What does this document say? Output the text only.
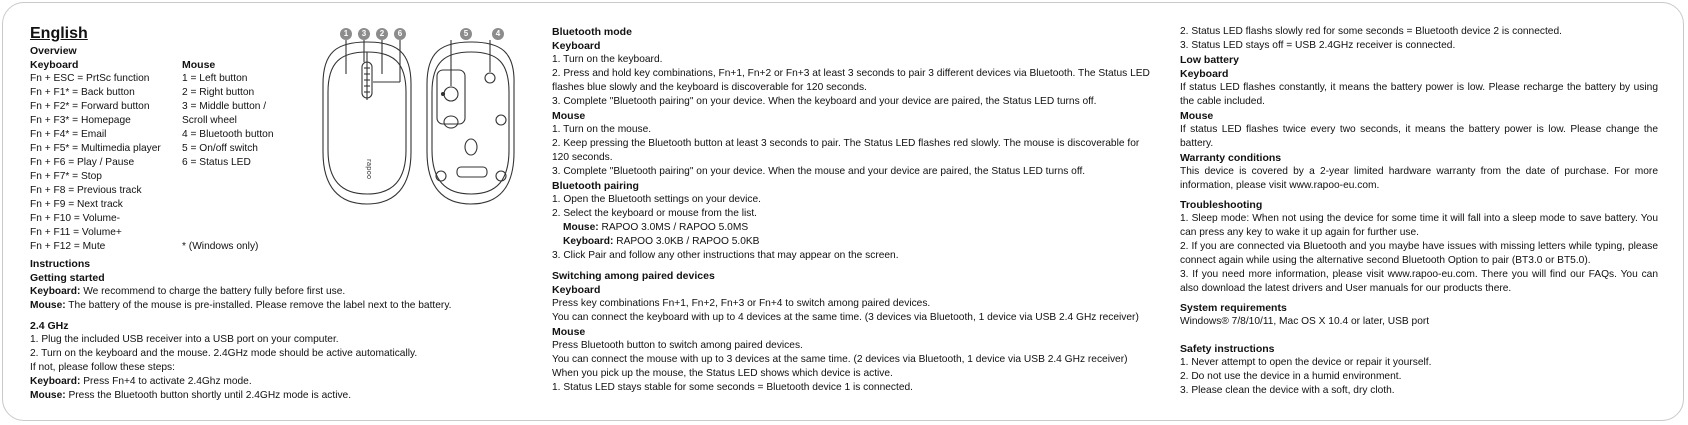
English

Overview

Keyboard

Fn + ESC = PrtSc function

Fn + F1* = Back button

Fn + F2* = Forward button

Fn + F3* = Homepage

Fn + F4* = Email

Fn + F5* = Multimedia player

Fn + F6 = Play / Pause

Fn + F7* = Stop

Fn + F8 = Previous track

Fn + F9 = Next track

Fn + F10 = Volume-

Fn + F11 = Volume+

Fn + F12 = Mute

Mouse

1 = Left button

2 = Right button

3 = Middle button /

Scroll wheel

4 = Bluetooth button

5 = On/off switch

6 = Status LED

* (Windows only)

rapoo
1	3	2	6	5	4

Instructions

Getting started

Keyboard: We recommend to charge the battery fully before first use.

Mouse: The battery of the mouse is pre-installed. Please remove the label next to the battery.

2.4 GHz

1. Plug the included USB receiver into a USB port on your computer.

2. Turn on the keyboard and the mouse. 2.4GHz mode should be active automatically.

If not, please follow these steps:

Keyboard: Press Fn+4 to activate 2.4Ghz mode.

Mouse: Press the Bluetooth button shortly until 2.4GHz mode is active.

Bluetooth mode

Keyboard

1. Turn on the keyboard.

2. Press and hold key combinations, Fn+1, Fn+2 or Fn+3 at least 3 seconds to pair 3 different devices via Bluetooth. The Status LED

flashes blue slowly and the keyboard is discoverable for 120 seconds.

3. Complete "Bluetooth pairing" on your device. When the keyboard and your device are paired, the Status LED turns off.

Mouse

1. Turn on the mouse.

2. Keep pressing the Bluetooth button at least 3 seconds to pair. The Status LED flashes red slowly. The mouse is discoverable for

120 seconds.

3. Complete "Bluetooth pairing" on your device. When the mouse and your device are paired, the Status LED turns off.

Bluetooth pairing

1. Open the Bluetooth settings on your device.

2. Select the keyboard or mouse from the list.

Mouse: RAPOO 3.0MS / RAPOO 5.0MS

Keyboard: RAPOO 3.0KB / RAPOO 5.0KB

3. Click Pair and follow any other instructions that may appear on the screen.

Switching among paired devices

Keyboard

Press key combinations Fn+1, Fn+2, Fn+3 or Fn+4 to switch among paired devices.

You can connect the keyboard with up to 4 devices at the same time. (3 devices via Bluetooth, 1 device via USB 2.4 GHz receiver)

Mouse

Press Bluetooth button to switch among paired devices.

You can connect the mouse with up to 3 devices at the same time. (2 devices via Bluetooth, 1 device via USB 2.4 GHz receiver)

When you pick up the mouse, the Status LED shows which device is active.

1. Status LED stays stable for some seconds = Bluetooth device 1 is connected.

2. Status LED flashs slowly red for some seconds = Bluetooth device 2 is connected.

3. Status LED stays off = USB 2.4GHz receiver is connected.

Low battery

Keyboard

If status LED flashes constantly, it means the battery power is low. Please recharge the battery by using the cable included.

Mouse

If status LED flashes twice every two seconds, it means the battery power is low. Please change the battery.

Warranty conditions

This device is covered by a 2-year limited hardware warranty from the date of purchase. For more information, please visit www.rapoo-eu.com.

Troubleshooting

1. Sleep mode: When not using the device for some time it will fall into a sleep mode to save battery. You can press any key to wake it up again for further use.

2. If you are connected via Bluetooth and you maybe have issues with missing letters while typing, please connect again while using the alternative second Bluetooth Option to pair (BT3.0 or BT5.0).

3. If you need more information, please visit www.rapoo-eu.com. There you will find our FAQs. You can also download the latest drivers and User manuals for our products there.

System requirements

Windows® 7/8/10/11, Mac OS X 10.4 or later, USB port

Safety instructions

1. Never attempt to open the device or repair it yourself.

2. Do not use the device in a humid environment.

3. Please clean the device with a soft, dry cloth.
